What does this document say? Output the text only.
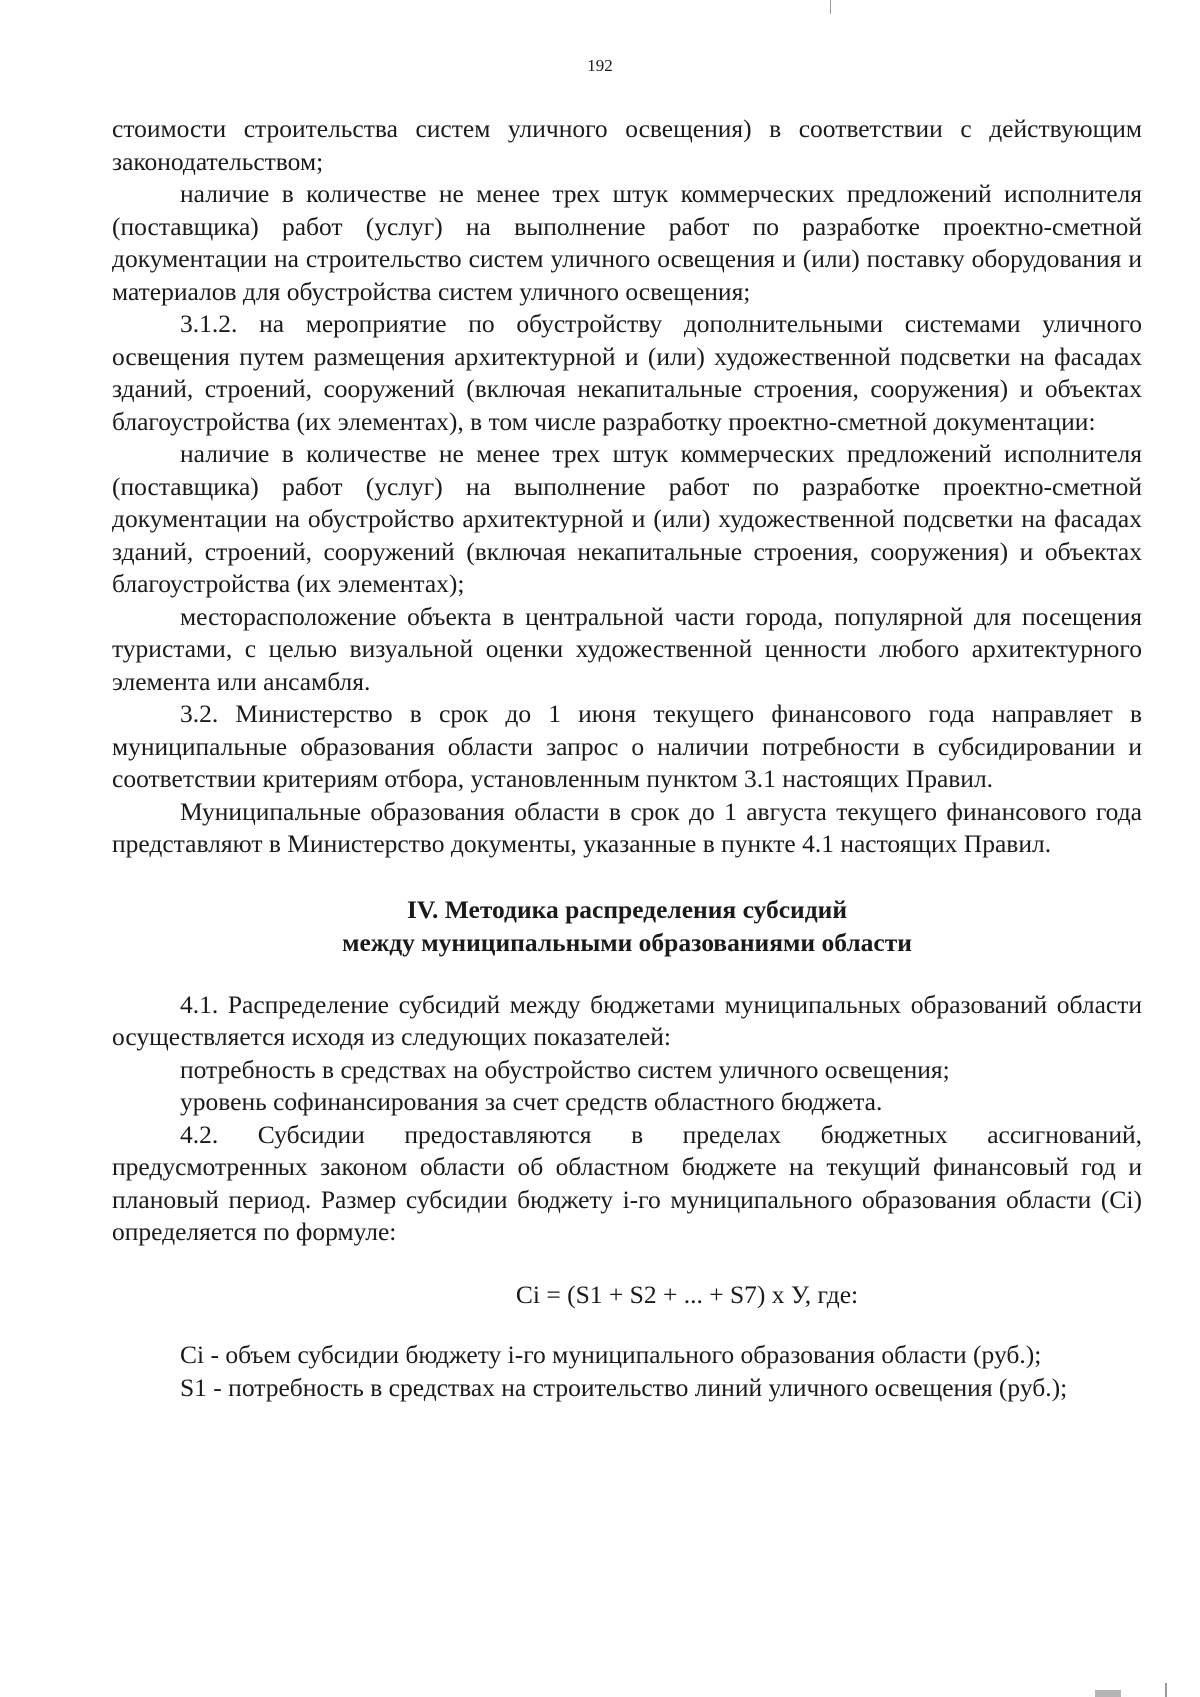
192

стоимости строительства систем уличного освещения) в соответствии с действующим законодательством;

наличие в количестве не менее трех штук коммерческих предложений исполнителя (поставщика) работ (услуг) на выполнение работ по разработке проектно-сметной документации на строительство систем уличного освещения и (или) поставку оборудования и материалов для обустройства систем уличного освещения;

3.1.2. на мероприятие по обустройству дополнительными системами уличного освещения путем размещения архитектурной и (или) художественной подсветки на фасадах зданий, строений, сооружений (включая некапитальные строения, сооружения) и объектах благоустройства (их элементах), в том числе разработку проектно-сметной документации:

наличие в количестве не менее трех штук коммерческих предложений исполнителя (поставщика) работ (услуг) на выполнение работ по разработке проектно-сметной документации на обустройство архитектурной и (или) художественной подсветки на фасадах зданий, строений, сооружений (включая некапитальные строения, сооружения) и объектах благоустройства (их элементах);

месторасположение объекта в центральной части города, популярной для посещения туристами, с целью визуальной оценки художественной ценности любого архитектурного элемента или ансамбля.

3.2. Министерство в срок до 1 июня текущего финансового года направляет в муниципальные образования области запрос о наличии потребности в субсидировании и соответствии критериям отбора, установленным пунктом 3.1 настоящих Правил.

Муниципальные образования области в срок до 1 августа текущего финансового года представляют в Министерство документы, указанные в пункте 4.1 настоящих Правил.

IV. Методика распределения субсидий
между муниципальными образованиями области

4.1. Распределение субсидий между бюджетами муниципальных образований области осуществляется исходя из следующих показателей:

потребность в средствах на обустройство систем уличного освещения;

уровень софинансирования за счет средств областного бюджета.

4.2. Субсидии предоставляются в пределах бюджетных ассигнований, предусмотренных законом области об областном бюджете на текущий финансовый год и плановый период. Размер субсидии бюджету i-го муниципального образования области (Ci) определяется по формуле:

Ci = (S1 + S2 + ... + S7) х У, где:

Ci - объем субсидии бюджету i-го муниципального образования области (руб.);

S1 - потребность в средствах на строительство линий уличного освещения (руб.);
